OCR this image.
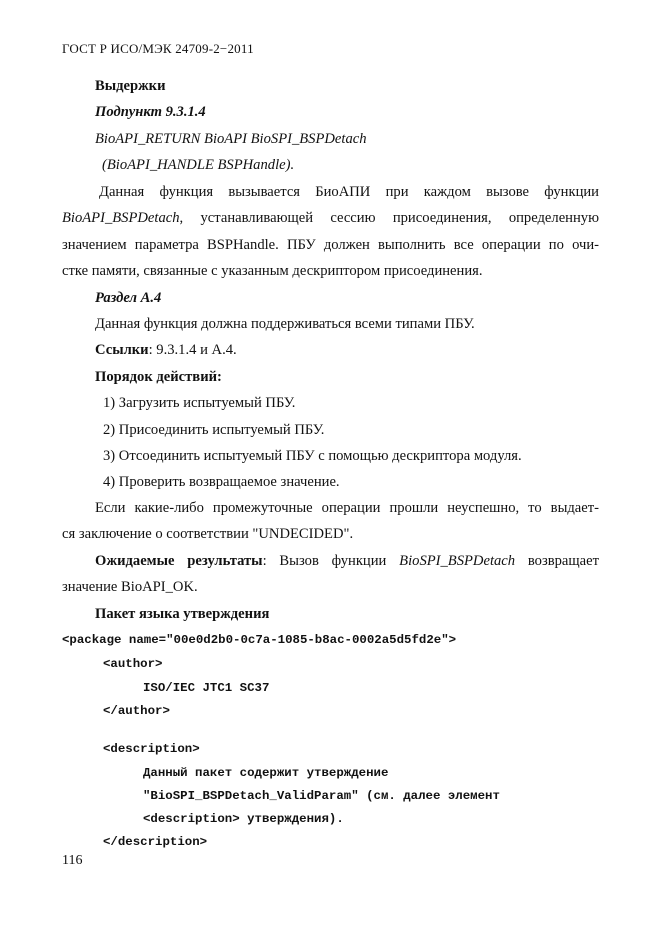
ГОСТ Р ИСО/МЭК 24709-2−2011
Выдержки
Подпункт 9.3.1.4
BioAPI_RETURN BioAPI BioSPI_BSPDetach
(BioAPI_HANDLE BSPHandle).
Данная функция вызывается БиоАПИ при каждом вызове функции
BioAPI_BSPDetach, устанавливающей сессию присоединения, определенную
значением параметра BSPHandle. ПБУ должен выполнить все операции по очи-
стке памяти, связанные с указанным дескриптором присоединения.
Раздел А.4
Данная функция должна поддерживаться всеми типами ПБУ.
Ссылки: 9.3.1.4 и А.4.
Порядок действий:
1) Загрузить испытуемый ПБУ.
2) Присоединить испытуемый ПБУ.
3) Отсоединить испытуемый ПБУ с помощью дескриптора модуля.
4) Проверить возвращаемое значение.
Если какие-либо промежуточные операции прошли неуспешно, то выдает-
ся заключение о соответствии "UNDECIDED".
Ожидаемые результаты: Вызов функции BioSPI_BSPDetach возвращает
значение BioAPI_OK.
Пакет языка утверждения
<package name="00e0d2b0-0c7a-1085-b8ac-0002a5d5fd2e">
<author>
ISO/IEC JTC1 SC37
</author>
<description>
Данный пакет содержит утверждение
"BioSPI_BSPDetach_ValidParam" (см. далее элемент
<description> утверждения).
</description>
116
